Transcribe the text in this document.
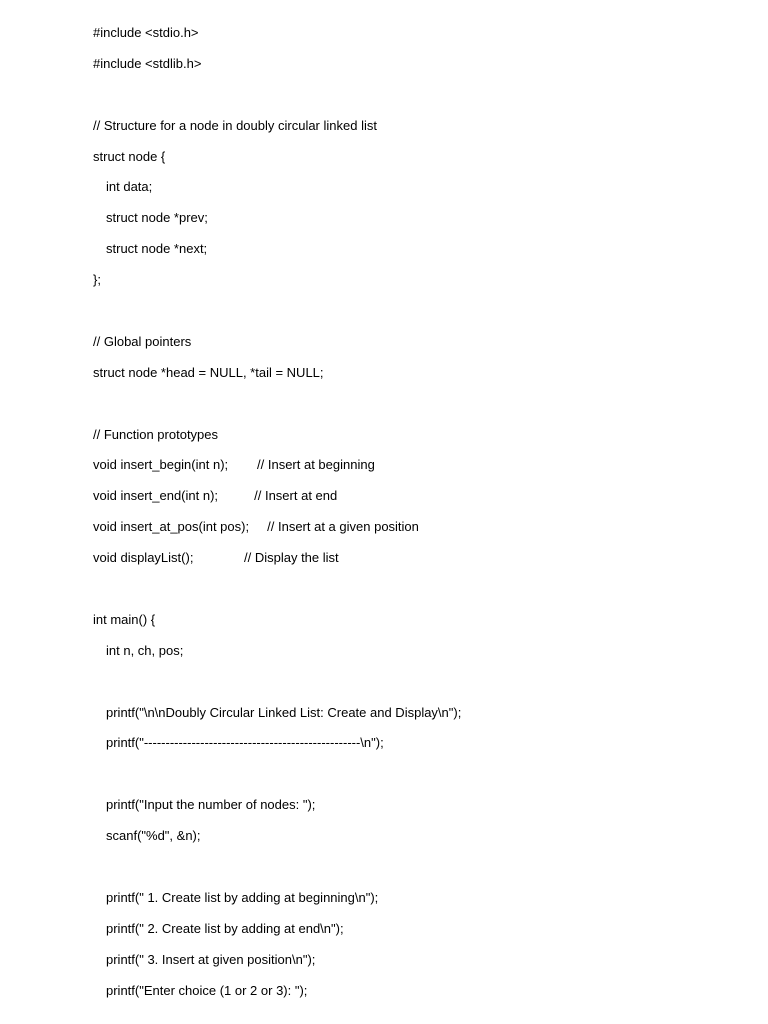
#include <stdio.h>
#include <stdlib.h>
// Structure for a node in doubly circular linked list
struct node {
int data;
struct node *prev;
struct node *next;
};
// Global pointers
struct node *head = NULL, *tail = NULL;
// Function prototypes
void insert_begin(int n);        // Insert at beginning
void insert_end(int n);          // Insert at end
void insert_at_pos(int pos);     // Insert at a given position
void displayList();              // Display the list
int main() {
int n, ch, pos;
printf("\n\nDoubly Circular Linked List: Create and Display\n");
printf("--------------------------------------------------\n");
printf("Input the number of nodes: ");
scanf("%d", &n);
printf(" 1. Create list by adding at beginning\n");
printf(" 2. Create list by adding at end\n");
printf(" 3. Insert at given position\n");
printf("Enter choice (1 or 2 or 3): ");
